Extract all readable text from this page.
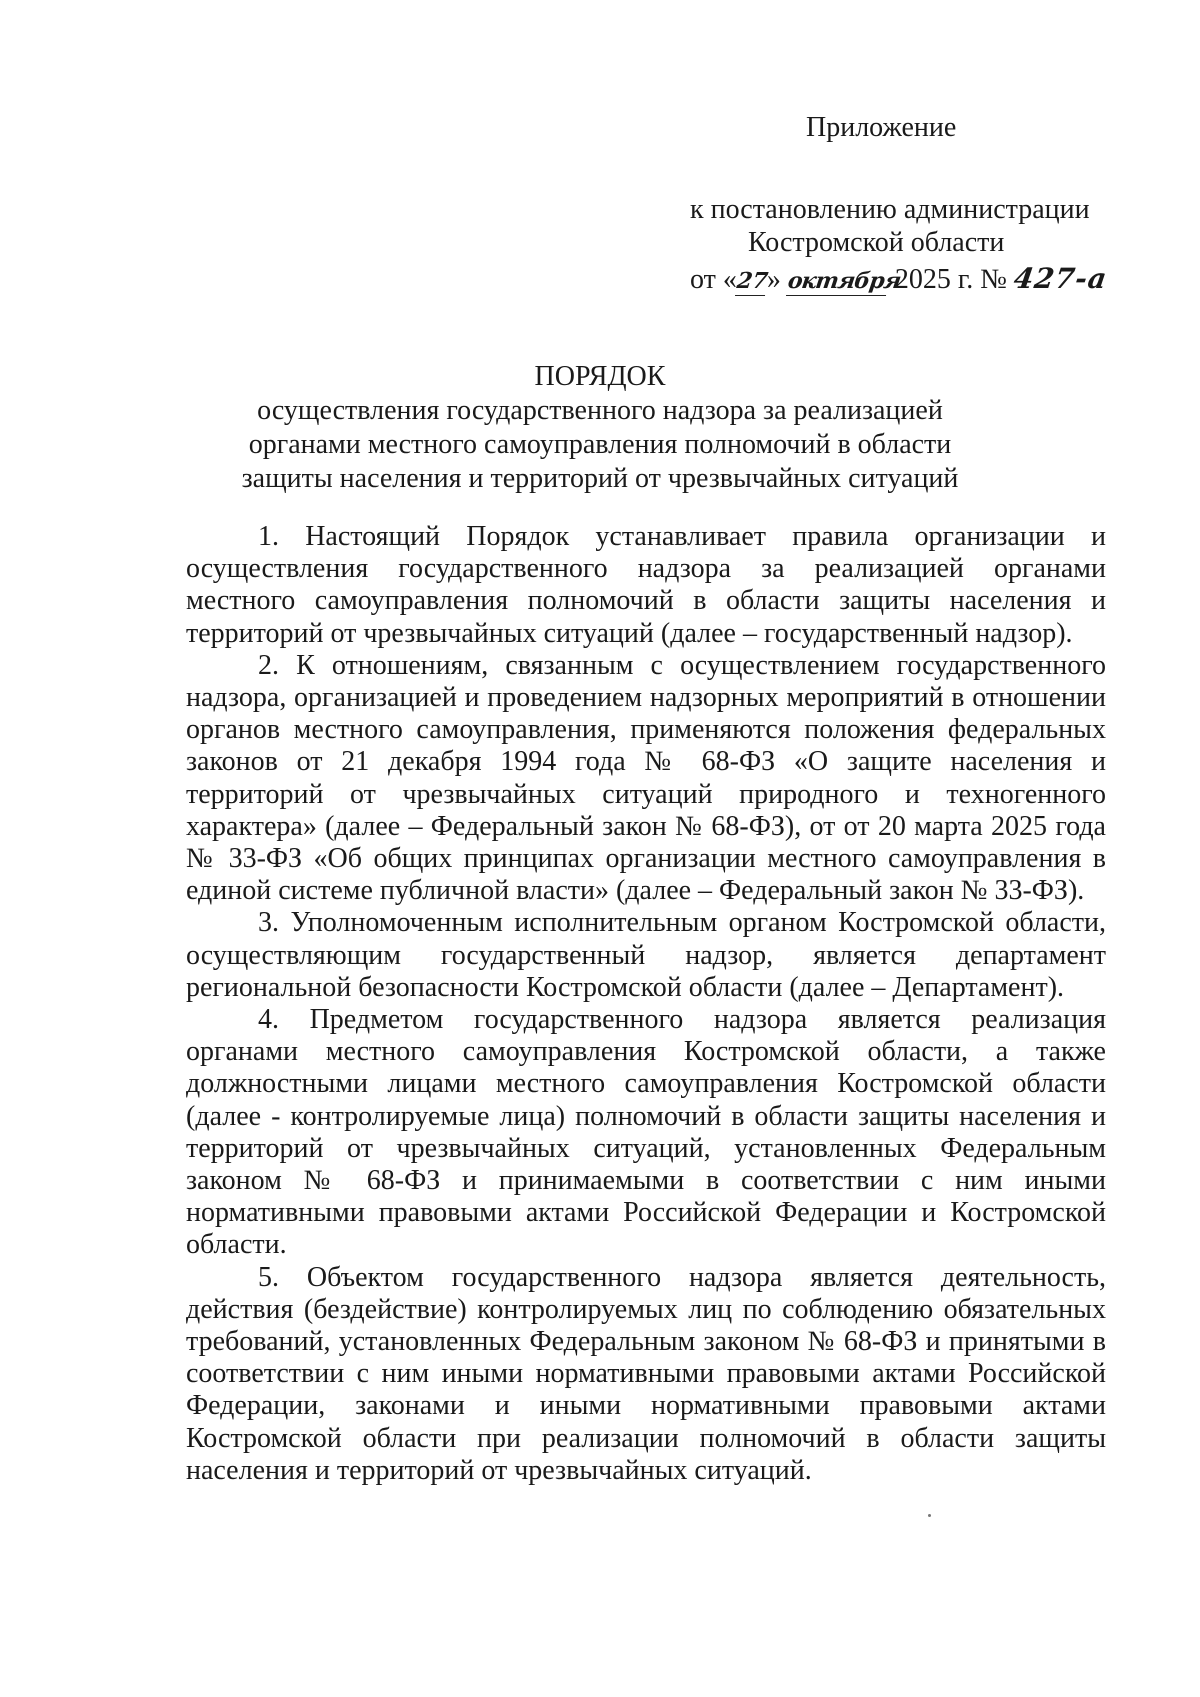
Приложение
к постановлению администрации
Костромской области
от «27» октября 2025 г. № 427-а
ПОРЯДОК
осуществления государственного надзора за реализацией
органами местного самоуправления полномочий в области
защиты населения и территорий от чрезвычайных ситуаций

1. Настоящий Порядок устанавливает правила организации и осуществления государственного надзора за реализацией органами местного самоуправления полномочий в области защиты населения и территорий от чрезвычайных ситуаций (далее – государственный надзор).

2. К отношениям, связанным с осуществлением государственного надзора, организацией и проведением надзорных мероприятий в отношении органов местного самоуправления, применяются положения федеральных законов от 21 декабря 1994 года № 68-ФЗ «О защите населения и территорий от чрезвычайных ситуаций природного и техногенного характера» (далее – Федеральный закон № 68-ФЗ), от от 20 марта 2025 года № 33-ФЗ «Об общих принципах организации местного самоуправления в единой системе публичной власти» (далее – Федеральный закон № 33-ФЗ).

3. Уполномоченным исполнительным органом Костромской области, осуществляющим государственный надзор, является департамент региональной безопасности Костромской области (далее – Департамент).

4. Предметом государственного надзора является реализация органами местного самоуправления Костромской области, а также должностными лицами местного самоуправления Костромской области (далее - контролируемые лица) полномочий в области защиты населения и территорий от чрезвычайных ситуаций, установленных Федеральным законом № 68-ФЗ и принимаемыми в соответствии с ним иными нормативными правовыми актами Российской Федерации и Костромской области.

5. Объектом государственного надзора является деятельность, действия (бездействие) контролируемых лиц по соблюдению обязательных требований, установленных Федеральным законом № 68-ФЗ и принятыми в соответствии с ним иными нормативными правовыми актами Российской Федерации, законами и иными нормативными правовыми актами Костромской области при реализации полномочий в области защиты населения и территорий от чрезвычайных ситуаций.
